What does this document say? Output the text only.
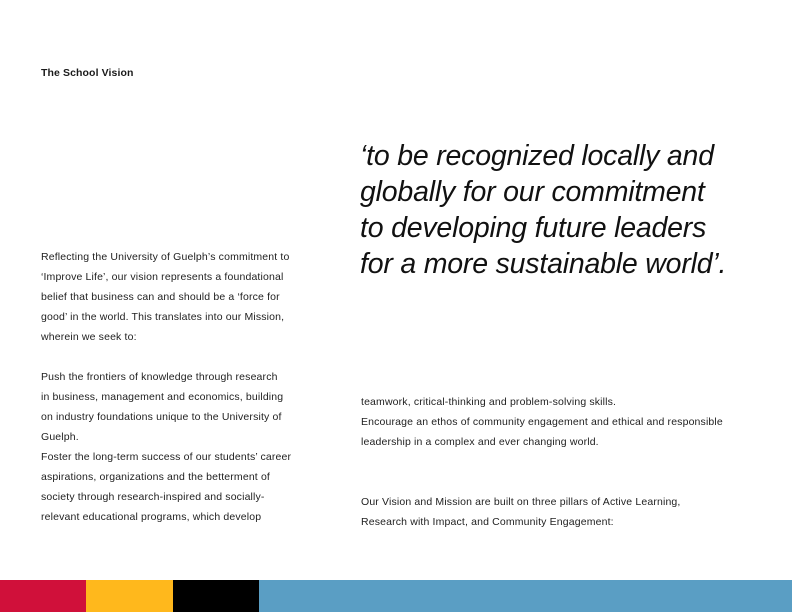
The School Vision
‘to be recognized locally and
globally for our commitment
to developing future leaders
for a more sustainable world’.
Reflecting the University of Guelph’s commitment to
‘Improve Life’, our vision represents a foundational
belief that business can and should be a ‘force for
good’ in the world. This translates into our Mission,
wherein we seek to:
Push the frontiers of knowledge through research
in business, management and economics, building
on industry foundations unique to the University of
Guelph.
Foster the long-term success of our students’ career
aspirations, organizations and the betterment of
society through research-inspired and socially-
relevant educational programs, which develop
teamwork, critical-thinking and problem-solving skills.
Encourage an ethos of community engagement and ethical and responsible
leadership in a complex and ever changing world.
Our Vision and Mission are built on three pillars of Active Learning,
Research with Impact, and Community Engagement:
